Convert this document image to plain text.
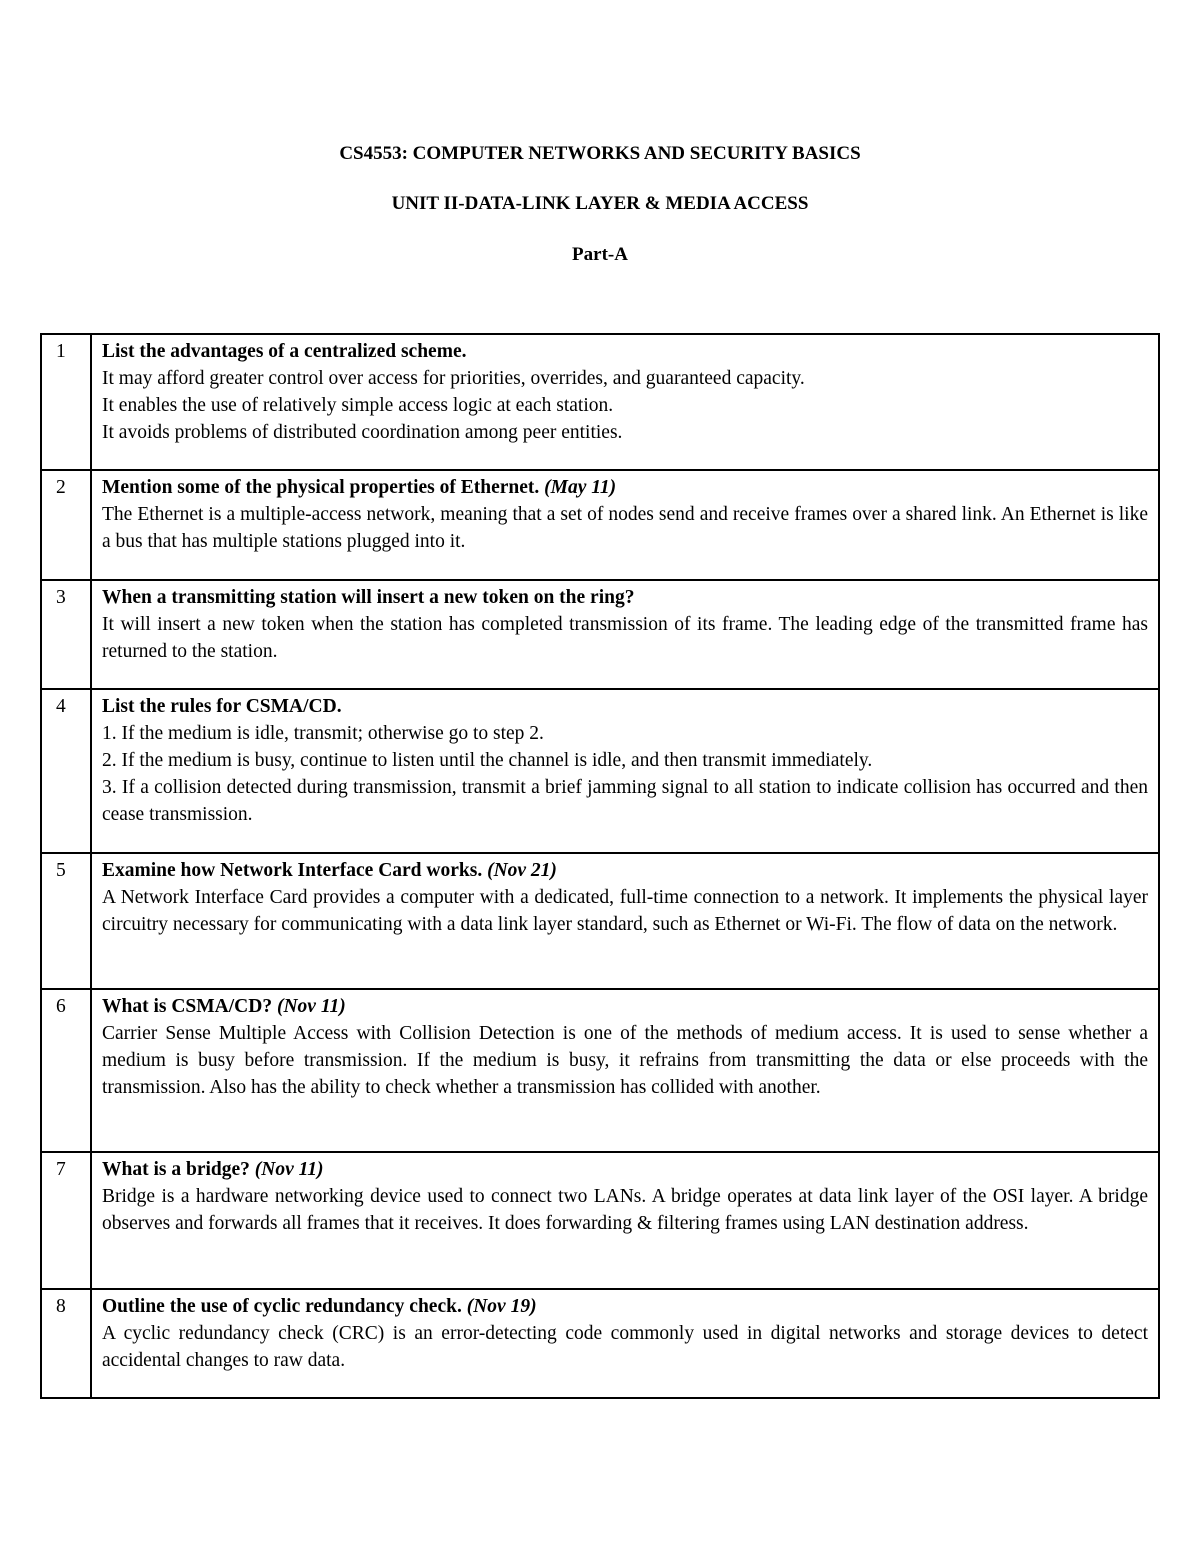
CS4553: COMPUTER NETWORKS AND SECURITY BASICS
UNIT II-DATA-LINK LAYER & MEDIA ACCESS
Part-A
1	List the advantages of a centralized scheme.
It may afford greater control over access for priorities, overrides, and guaranteed capacity.
It enables the use of relatively simple access logic at each station.
It avoids problems of distributed coordination among peer entities.

2	Mention some of the physical properties of Ethernet. (May 11)
The Ethernet is a multiple-access network, meaning that a set of nodes send and receive frames over a shared link. An Ethernet is like a bus that has multiple stations plugged into it.

3	When a transmitting station will insert a new token on the ring?
It will insert a new token when the station has completed transmission of its frame. The leading edge of the transmitted frame has returned to the station.

4	List the rules for CSMA/CD.
1. If the medium is idle, transmit; otherwise go to step 2.
2. If the medium is busy, continue to listen until the channel is idle, and then transmit immediately.
3. If a collision detected during transmission, transmit a brief jamming signal to all station to indicate collision has occurred and then cease transmission.

5	Examine how Network Interface Card works. (Nov 21)
A Network Interface Card provides a computer with a dedicated, full-time connection to a network. It implements the physical layer circuitry necessary for communicating with a data link layer standard, such as Ethernet or Wi-Fi. The flow of data on the network.

6	What is CSMA/CD? (Nov 11)
Carrier Sense Multiple Access with Collision Detection is one of the methods of medium access. It is used to sense whether a medium is busy before transmission. If the medium is busy, it refrains from transmitting the data or else proceeds with the transmission. Also has the ability to check whether a transmission has collided with another.

7	What is a bridge? (Nov 11)
Bridge is a hardware networking device used to connect two LANs. A bridge operates at data link layer of the OSI layer. A bridge observes and forwards all frames that it receives. It does forwarding & filtering frames using LAN destination address.

8	Outline the use of cyclic redundancy check. (Nov 19)
A cyclic redundancy check (CRC) is an error-detecting code commonly used in digital networks and storage devices to detect accidental changes to raw data.
